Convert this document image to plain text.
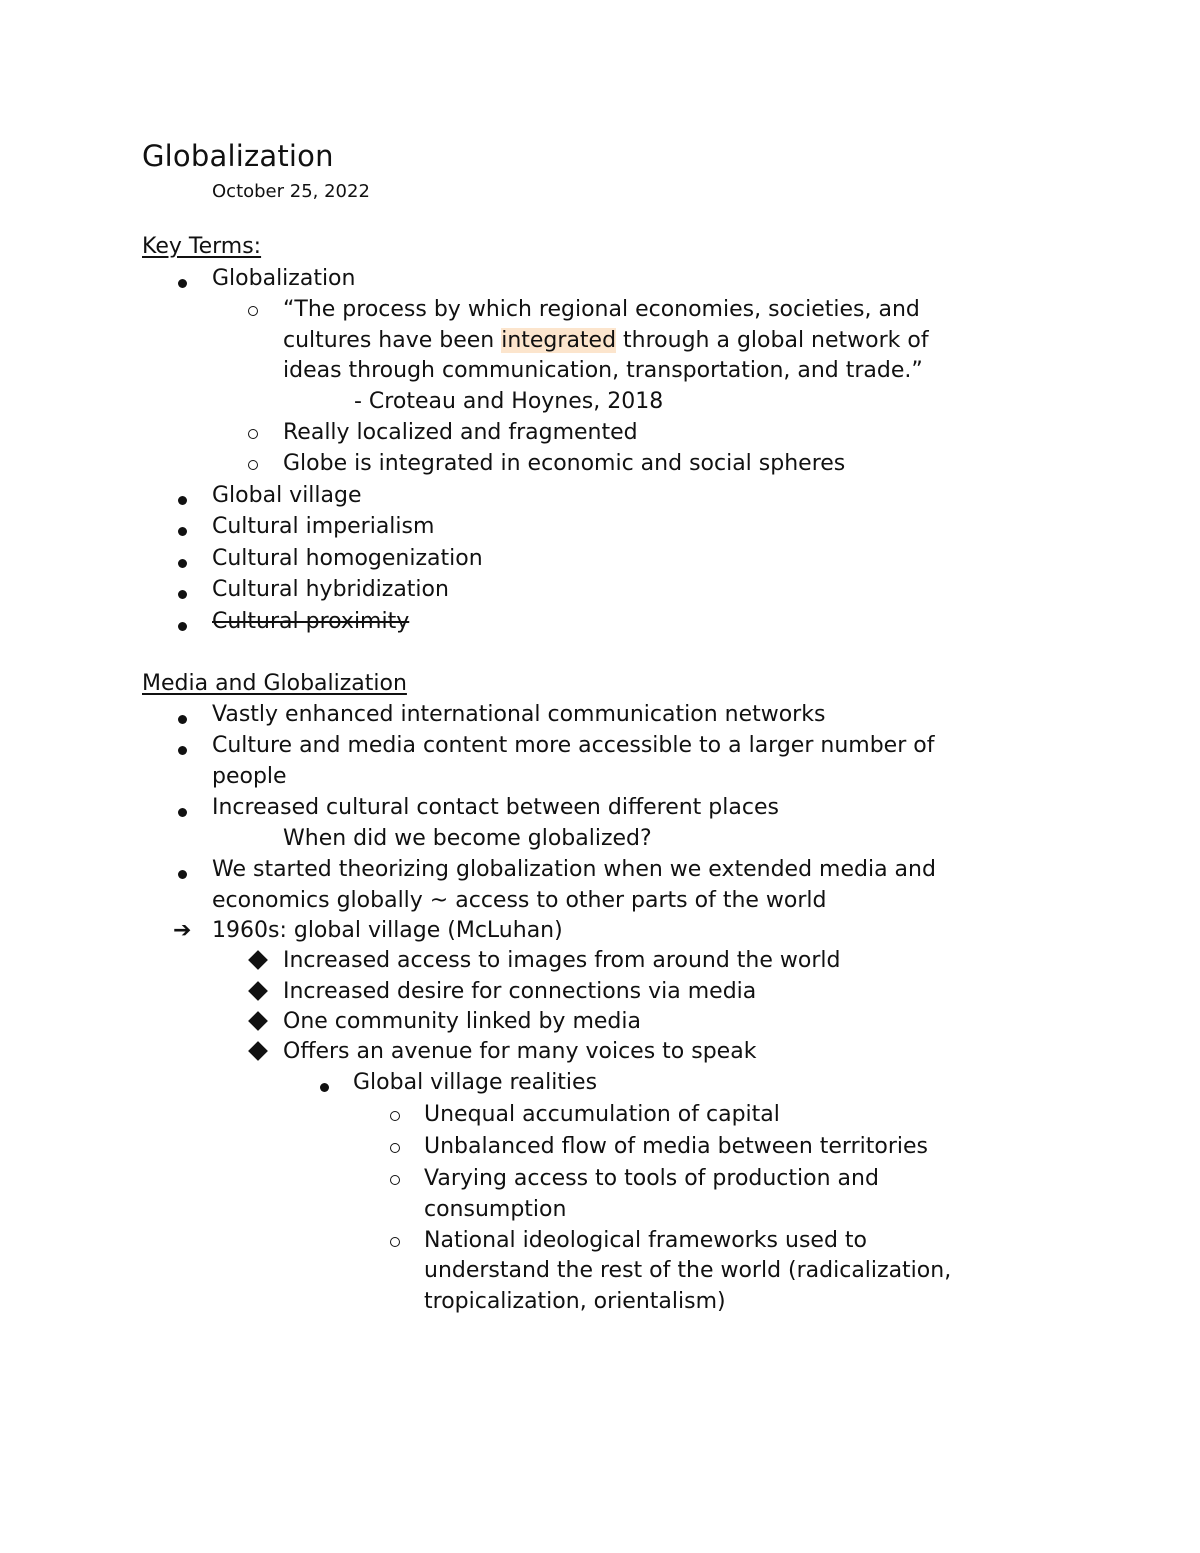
Globalization
October 25, 2022
Key Terms:
Globalization
“The process by which regional economies, societies, and
cultures have been integrated through a global network of
ideas through communication, transportation, and trade.”
- Croteau and Hoynes, 2018
Really localized and fragmented
Globe is integrated in economic and social spheres
Global village
Cultural imperialism
Cultural homogenization
Cultural hybridization
Cultural proximity
Media and Globalization
Vastly enhanced international communication networks
Culture and media content more accessible to a larger number of
people
Increased cultural contact between different places
When did we become globalized?
We started theorizing globalization when we extended media and
economics globally ~ access to other parts of the world
➔ 1960s: global village (McLuhan)
Increased access to images from around the world
Increased desire for connections via media
One community linked by media
Offers an avenue for many voices to speak
Global village realities
Unequal accumulation of capital
Unbalanced flow of media between territories
Varying access to tools of production and
consumption
National ideological frameworks used to
understand the rest of the world (radicalization,
tropicalization, orientalism)
